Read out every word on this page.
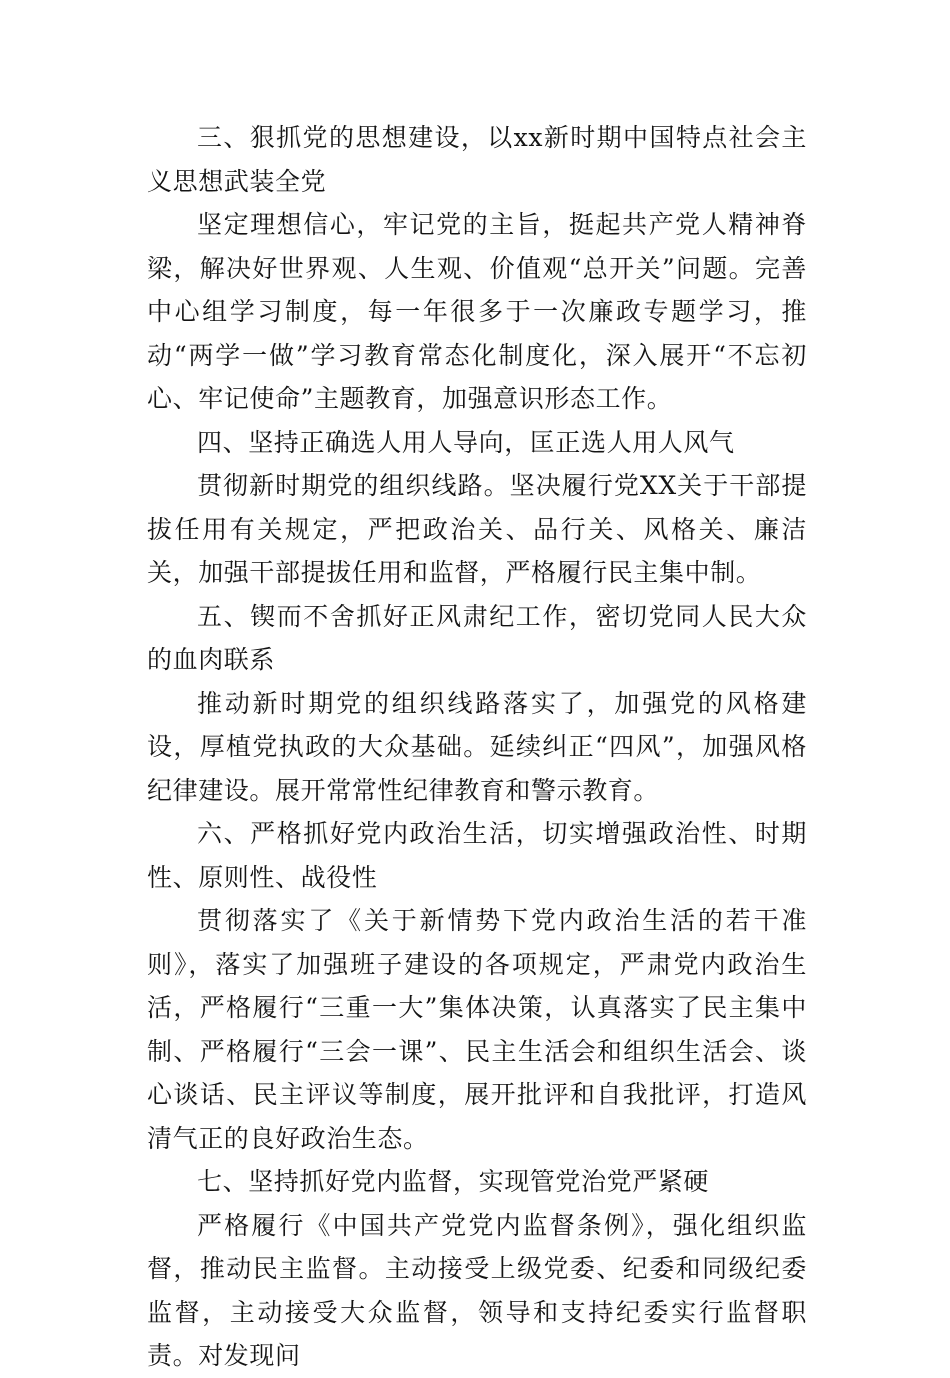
三、狠抓党的思想建设，以xx新时期中国特点社会主义思想武装全党

坚定理想信心，牢记党的主旨，挺起共产党人精神脊梁，解决好世界观、人生观、价值观“总开关”问题。完善中心组学习制度，每一年很多于一次廉政专题学习，推动“两学一做”学习教育常态化制度化，深入展开“不忘初心、牢记使命”主题教育，加强意识形态工作。

四、坚持正确选人用人导向，匡正选人用人风气

贯彻新时期党的组织线路。坚决履行党XX关于干部提拔任用有关规定，严把政治关、品行关、风格关、廉洁关，加强干部提拔任用和监督，严格履行民主集中制。

五、锲而不舍抓好正风肃纪工作，密切党同人民大众的血肉联系

推动新时期党的组织线路落实了，加强党的风格建设，厚植党执政的大众基础。延续纠正“四风”，加强风格纪律建设。展开常常性纪律教育和警示教育。

六、严格抓好党内政治生活，切实增强政治性、时期性、原则性、战役性

贯彻落实了《关于新情势下党内政治生活的若干准则》，落实了加强班子建设的各项规定，严肃党内政治生活，严格履行“三重一大”集体决策，认真落实了民主集中制、严格履行“三会一课”、民主生活会和组织生活会、谈心谈话、民主评议等制度，展开批评和自我批评，打造风清气正的良好政治生态。

七、坚持抓好党内监督，实现管党治党严紧硬

严格履行《中国共产党党内监督条例》，强化组织监督，推动民主监督。主动接受上级党委、纪委和同级纪委监督，主动接受大众监督，领导和支持纪委实行监督职责。对发现问
